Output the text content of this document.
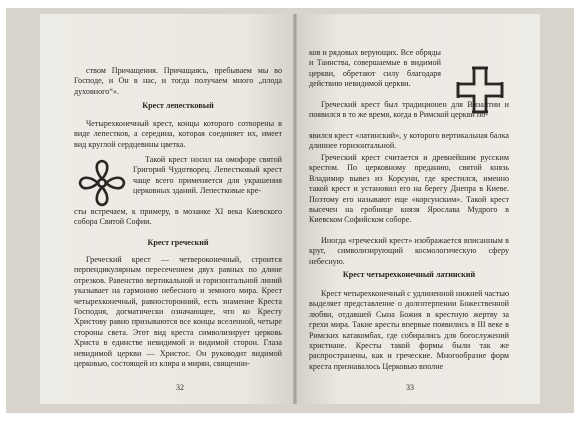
ством Причащения. Причащаясь, пребываем мы во Господе, и Он в нас, и тогда получаем много „плода духовного“».

Крест лепестковый

Четырехконечный крест, концы которого сотворены в виде лепестков, а середина, которая соединяет их, имеет вид круглой сердцевины цветка.

Такой крест носил на омофоре святой Григорий Чудотворец. Лепестковый крест чаще всего применяется для украшения церковных зданий. Лепестковые кре-

сты встречаем, к примеру, в мозаике XI века Киевского собора Святой Софии.

Крест греческий

Греческий крест — четвероконечный, строится перпендикулярным пересечением двух равных по длине отрезков. Равенство вертикальной и горизонтальной линий указывает на гармонию небесного и земного мира. Крест четырехконечный, равносторонний, есть знамение Креста Господня, догматически означающее, что ко Кресту Христову равно призываются все концы вселенной, четыре стороны света. Этот вид креста символизирует церковь Христа в единстве невидимой и видимой сторон. Глаза невидимой церкви — Христос. Он руководит видимой церковью, состоящей из клира и мирян, священни-

32

ков и рядовых верующих. Все обряды и Таинства, совершаемые в видимой церкви, обретают силу благодаря действию невидимой церкви.

Греческий крест был традиционен для Византии и появился в то же время, когда в Римской церкви по-

явился крест «латинский», у которого вертикальная балка длиннее горизонтальной.

Греческий крест считается и древнейшим русским крестом. По церковному преданию, святой князь Владимир вывез из Корсуни, где крестился, именно такой крест и установил его на берегу Днепра в Киеве. Поэтому его называют еще «корсунским». Такой крест высечен на гробнице князя Ярослава Мудрого в Киевском Софийском соборе.

Иногда «греческий крест» изображается вписанным в круг, символизирующий космологическую сферу небесную.

Крест четырехконечный латинский

Крест четырехконечный с удлиненной нижней частью выделяет представление о долготерпении Божественной любви, отдавшей Сына Божия в крестную жертву за грехи мира. Такие кресты впервые появились в III веке в Римских катакомбах, где собирались для богослужений христиане. Кресты такой формы были так же распространены, как и греческие. Многообразие форм креста признавалось Церковью вполне

33
